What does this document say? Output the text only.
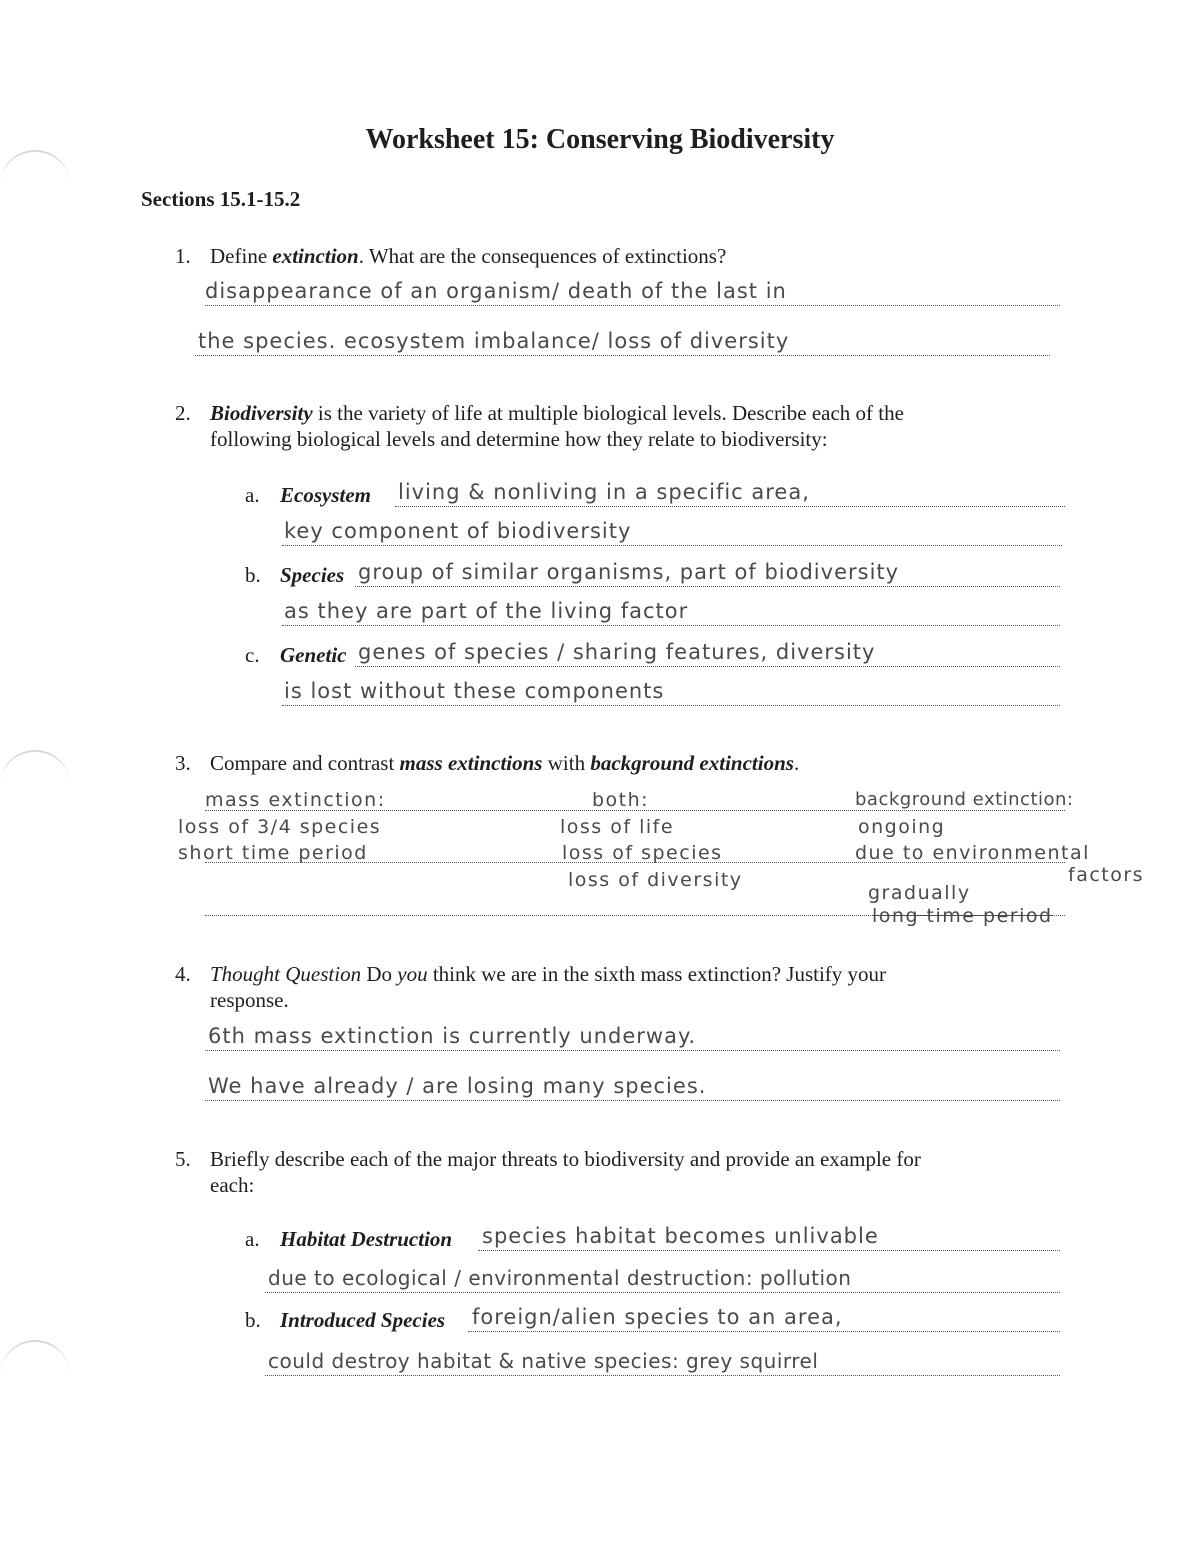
Worksheet 15: Conserving Biodiversity
Sections 15.1-15.2
1. Define extinction. What are the consequences of extinctions?
disappearance of an organism/ death of the last in
the species. ecosystem imbalance/ loss of diversity
2. Biodiversity is the variety of life at multiple biological levels. Describe each of the
following biological levels and determine how they relate to biodiversity:
a. Ecosystem living & nonliving in a specific area,
key component of biodiversity
b. Species group of similar organisms, part of biodiversity
as they are part of the living factor
c. Genetic genes of species / sharing features, diversity
is lost without these components
3. Compare and contrast mass extinctions with background extinctions.
mass extinction:
loss of 3/4 species
short time period
both:
loss of life
loss of species
loss of diversity
background extinction:
ongoing
due to environmental
factors
gradually
long time period
4. Thought Question Do you think we are in the sixth mass extinction? Justify your
response.
6th mass extinction is currently underway.
We have already / are losing many species.
5. Briefly describe each of the major threats to biodiversity and provide an example for
each:
a. Habitat Destruction species habitat becomes unlivable
due to ecological / environmental destruction: pollution
b. Introduced Species foreign/alien species to an area,
could destroy habitat & native species: grey squirrel
